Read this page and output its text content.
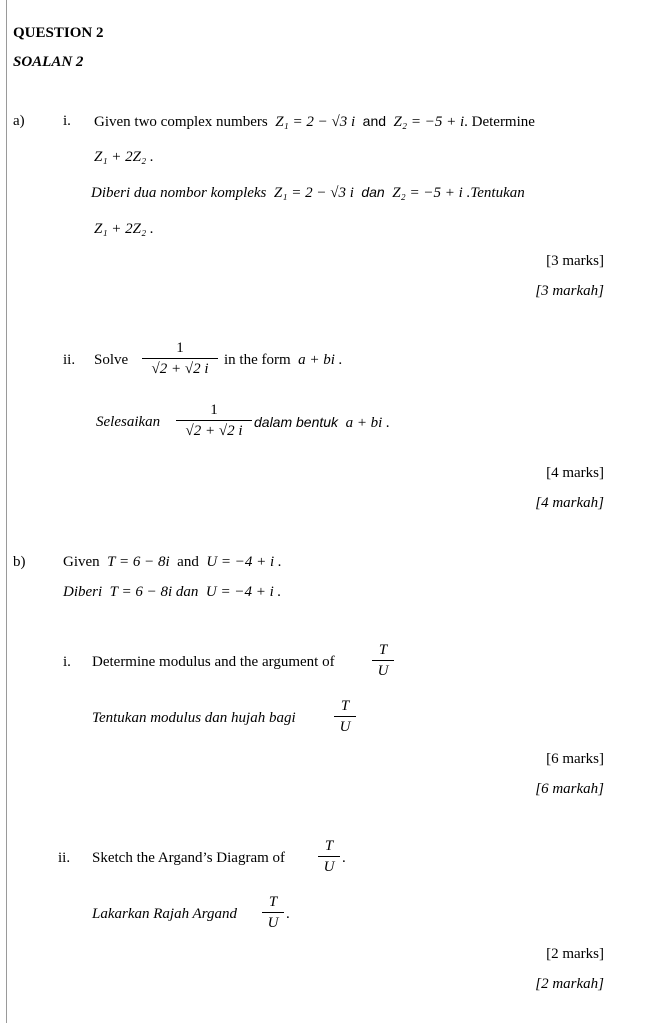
QUESTION 2
SOALAN 2
a)	i. Given two complex numbers Z₁ = 2 − √3 i and Z₂ = −5 + i. Determine
Z₁ + 2Z₂ .
Diberi dua nombor kompleks Z₁ = 2 − √3 i dan Z₂ = −5 + i .Tentukan
Z₁ + 2Z₂ .
[3 marks]
[3 markah]
ii. Solve
1
√2 + √2 i
in the form a + bi .
Selesaikan
1
√2 + √2 i
dalam bentuk a + bi .
[4 marks]
[4 markah]
b)	Given T = 6 − 8i and U = −4 + i .
Diberi T = 6 − 8i dan U = −4 + i .
i. Determine modulus and the argument of
T
U
Tentukan modulus dan hujah bagi
T
U
[6 marks]
[6 markah]
ii. Sketch the Argand’s Diagram of
T
U
.
Lakarkan Rajah Argand
T
U
.
[2 marks]
[2 markah]
